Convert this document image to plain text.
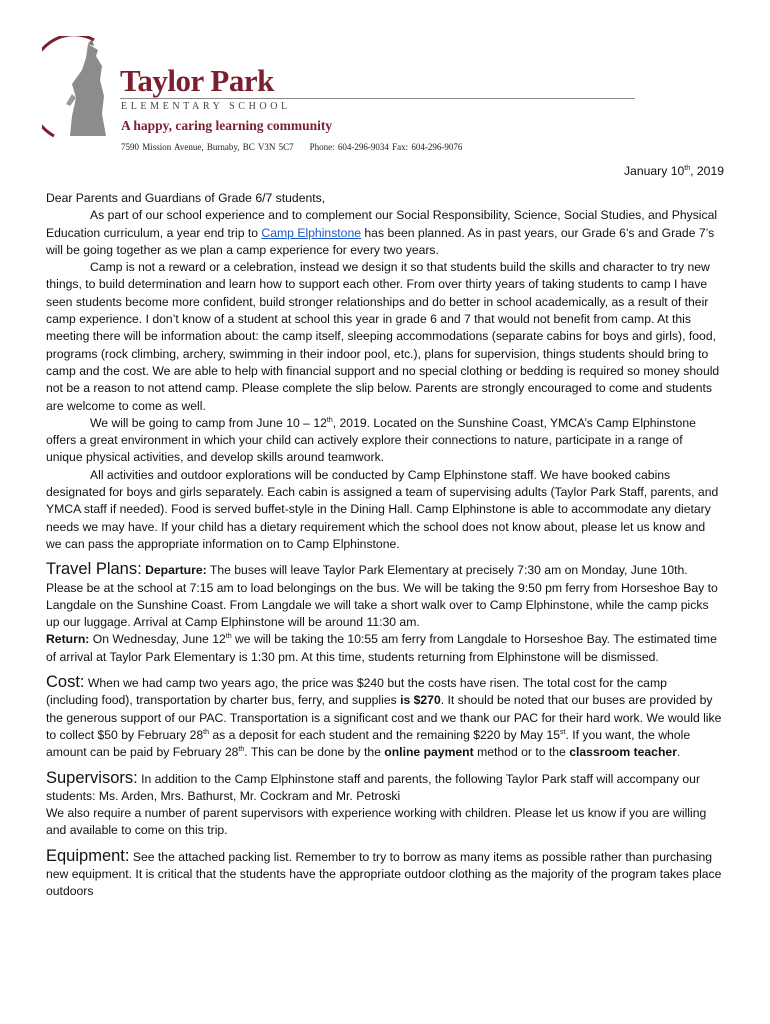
Taylor Park
ELEMENTARY SCHOOL
A happy, caring learning community
7590 Mission Avenue, Burnaby, BC V3N 5C7 Phone: 604-296-9034 Fax: 604-296-9076
January 10th, 2019

Dear Parents and Guardians of Grade 6/7 students,

As part of our school experience and to complement our Social Responsibility, Science, Social Studies, and Physical Education curriculum, a year end trip to Camp Elphinstone has been planned. As in past years, our Grade 6’s and Grade 7’s will be going together as we plan a camp experience for every two years.

Camp is not a reward or a celebration, instead we design it so that students build the skills and character to try new things, to build determination and learn how to support each other. From over thirty years of taking students to camp I have seen students become more confident, build stronger relationships and do better in school academically, as a result of their camp experience. I don’t know of a student at school this year in grade 6 and 7 that would not benefit from camp. At this meeting there will be information about: the camp itself, sleeping accommodations (separate cabins for boys and girls), food, programs (rock climbing, archery, swimming in their indoor pool, etc.), plans for supervision, things students should bring to camp and the cost. We are able to help with financial support and no special clothing or bedding is required so money should not be a reason to not attend camp. Please complete the slip below. Parents are strongly encouraged to come and students are welcome to come as well.

We will be going to camp from June 10 – 12th, 2019. Located on the Sunshine Coast, YMCA’s Camp Elphinstone offers a great environment in which your child can actively explore their connections to nature, participate in a range of unique physical activities, and develop skills around teamwork.

All activities and outdoor explorations will be conducted by Camp Elphinstone staff. We have booked cabins designated for boys and girls separately. Each cabin is assigned a team of supervising adults (Taylor Park Staff, parents, and YMCA staff if needed). Food is served buffet-style in the Dining Hall. Camp Elphinstone is able to accommodate any dietary needs we may have. If your child has a dietary requirement which the school does not know about, please let us know and we can pass the appropriate information on to Camp Elphinstone.

Travel Plans: Departure: The buses will leave Taylor Park Elementary at precisely 7:30 am on Monday, June 10th. Please be at the school at 7:15 am to load belongings on the bus. We will be taking the 9:50 pm ferry from Horseshoe Bay to Langdale on the Sunshine Coast. From Langdale we will take a short walk over to Camp Elphinstone, while the camp picks up our luggage. Arrival at Camp Elphinstone will be around 11:30 am.
Return: On Wednesday, June 12th we will be taking the 10:55 am ferry from Langdale to Horseshoe Bay. The estimated time of arrival at Taylor Park Elementary is 1:30 pm. At this time, students returning from Elphinstone will be dismissed.

Cost: When we had camp two years ago, the price was $240 but the costs have risen. The total cost for the camp (including food), transportation by charter bus, ferry, and supplies is $270. It should be noted that our buses are provided by the generous support of our PAC. Transportation is a significant cost and we thank our PAC for their hard work. We would like to collect $50 by February 28th as a deposit for each student and the remaining $220 by May 15st. If you want, the whole amount can be paid by February 28th. This can be done by the online payment method or to the classroom teacher.

Supervisors: In addition to the Camp Elphinstone staff and parents, the following Taylor Park staff will accompany our students: Ms. Arden, Mrs. Bathurst, Mr. Cockram and Mr. Petroski
We also require a number of parent supervisors with experience working with children. Please let us know if you are willing and available to come on this trip.

Equipment: See the attached packing list. Remember to try to borrow as many items as possible rather than purchasing new equipment. It is critical that the students have the appropriate outdoor clothing as the majority of the program takes place outdoors
